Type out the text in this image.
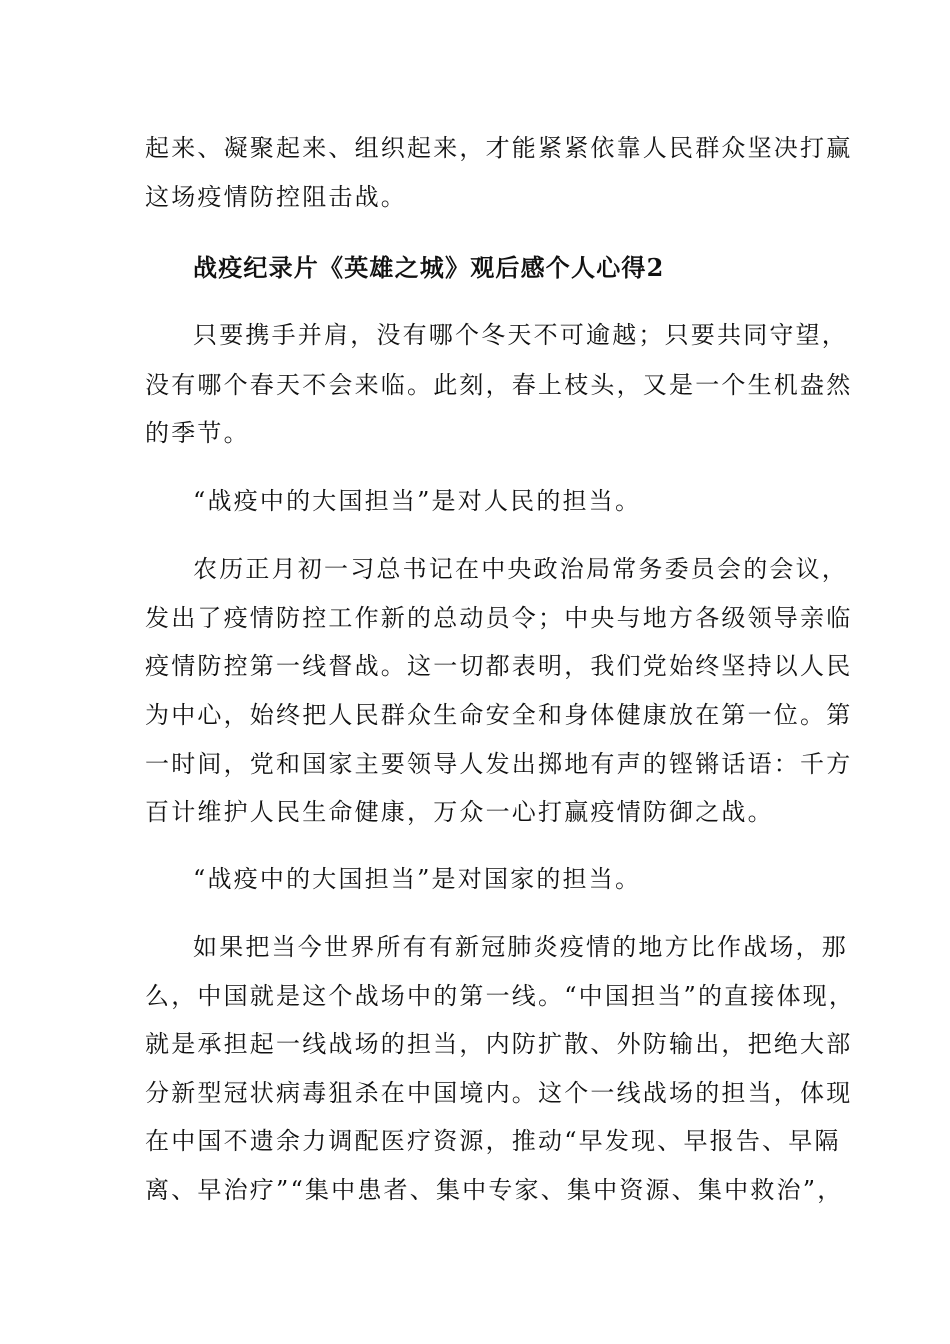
起来、凝聚起来、组织起来，才能紧紧依靠人民群众坚决打赢
这场疫情防控阻击战。
战疫纪录片《英雄之城》观后感个人心得2
只要携手并肩，没有哪个冬天不可逾越；只要共同守望，
没有哪个春天不会来临。此刻，春上枝头，又是一个生机盎然
的季节。
“战疫中的大国担当”是对人民的担当。
农历正月初一习总书记在中央政治局常务委员会的会议，
发出了疫情防控工作新的总动员令；中央与地方各级领导亲临
疫情防控第一线督战。这一切都表明，我们党始终坚持以人民
为中心，始终把人民群众生命安全和身体健康放在第一位。第
一时间，党和国家主要领导人发出掷地有声的铿锵话语：千方
百计维护人民生命健康，万众一心打赢疫情防御之战。
“战疫中的大国担当”是对国家的担当。
如果把当今世界所有有新冠肺炎疫情的地方比作战场，那
么，中国就是这个战场中的第一线。“中国担当”的直接体现，
就是承担起一线战场的担当，内防扩散、外防输出，把绝大部
分新型冠状病毒狙杀在中国境内。这个一线战场的担当，体现
在中国不遗余力调配医疗资源，推动“早发现、早报告、早隔
离、早治疗”“集中患者、集中专家、集中资源、集中救治”，
